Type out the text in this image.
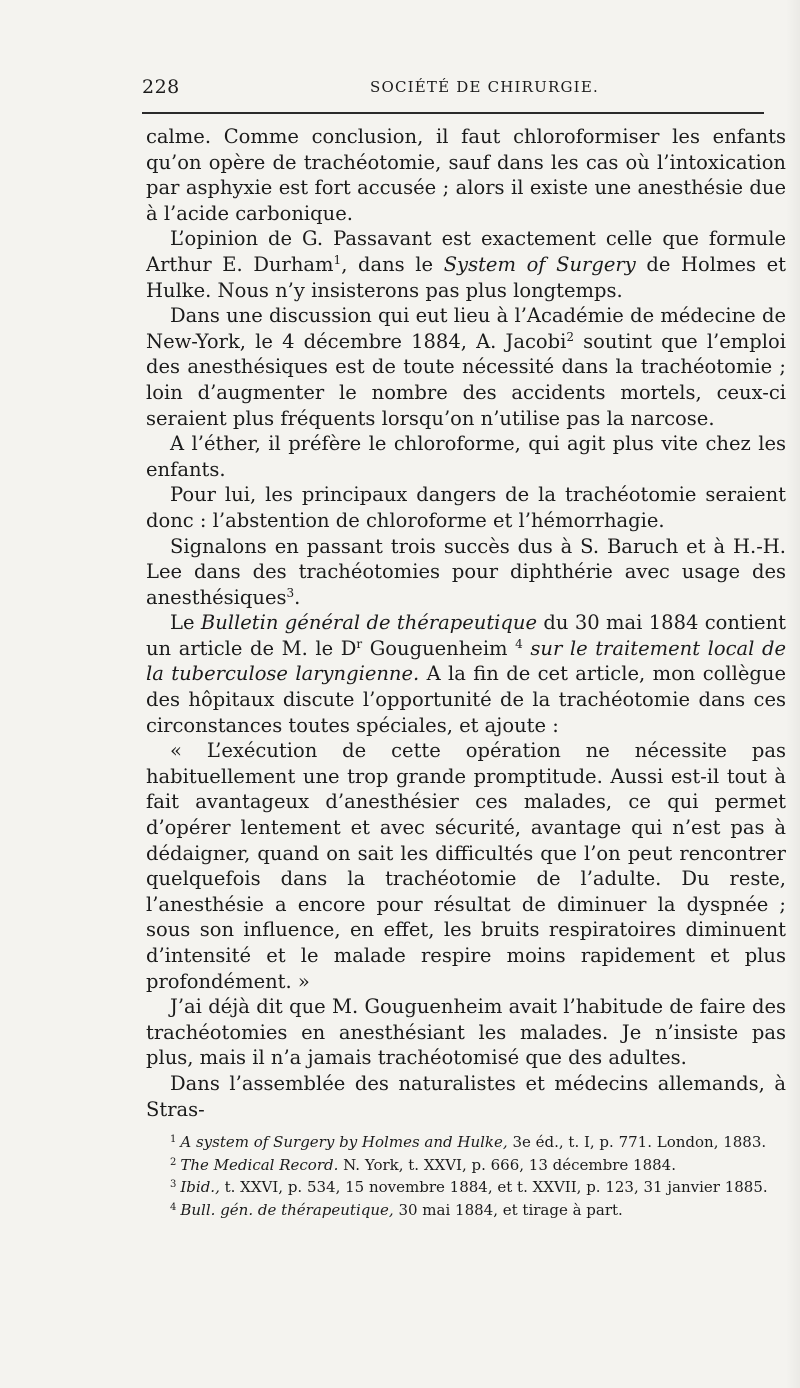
228	SOCIÉTÉ DE CHIRURGIE.

calme. Comme conclusion, il faut chloroformiser les enfants qu’on opère de trachéotomie, sauf dans les cas où l’intoxication par asphyxie est fort accusée ; alors il existe une anesthésie due à l’acide carbonique.

L’opinion de G. Passavant est exactement celle que formule Arthur E. Durham$^1$, dans le System of Surgery de Holmes et Hulke. Nous n’y insisterons pas plus longtemps.

Dans une discussion qui eut lieu à l’Académie de médecine de New-York, le 4 décembre 1884, A. Jacobi$^2$ soutint que l’emploi des anesthésiques est de toute nécessité dans la trachéotomie ; loin d’augmenter le nombre des accidents mortels, ceux-ci seraient plus fréquents lorsqu’on n’utilise pas la narcose.

A l’éther, il préfère le chloroforme, qui agit plus vite chez les enfants.

Pour lui, les principaux dangers de la trachéotomie seraient donc : l’abstention de chloroforme et l’hémorrhagie.

Signalons en passant trois succès dus à S. Baruch et à H.-H. Lee dans des trachéotomies pour diphthérie avec usage des anesthésiques$^3$.

Le Bulletin général de thérapeutique du 30 mai 1884 contient un article de M. le $D^r$ Gouguenheim $^4$ sur le traitement local de la tuberculose laryngienne. A la fin de cet article, mon collègue des hôpitaux discute l’opportunité de la trachéotomie dans ces circonstances toutes spéciales, et ajoute :

« L’exécution de cette opération ne nécessite pas habituellement une trop grande promptitude. Aussi est-il tout à fait avantageux d’anesthésier ces malades, ce qui permet d’opérer lentement et avec sécurité, avantage qui n’est pas à dédaigner, quand on sait les difficultés que l’on peut rencontrer quelquefois dans la trachéotomie de l’adulte. Du reste, l’anesthésie a encore pour résultat de diminuer la dyspnée ; sous son influence, en effet, les bruits respiratoires diminuent d’intensité et le malade respire moins rapidement et plus profondément. »

J’ai déjà dit que M. Gouguenheim avait l’habitude de faire des trachéotomies en anesthésiant les malades. Je n’insiste pas plus, mais il n’a jamais trachéotomisé que des adultes.

Dans l’assemblée des naturalistes et médecins allemands, à Stras-

$^1$ A system of Surgery by Holmes and Hulke, 3e éd., t. I, p. 771. London, 1883.

$^2$ The Medical Record. N. York, t. XXVI, p. 666, 13 décembre 1884.

$^3$ Ibid., t. XXVI, p. 534, 15 novembre 1884, et t. XXVII, p. 123, 31 janvier 1885.

$^4$ Bull. gén. de thérapeutique, 30 mai 1884, et tirage à part.
